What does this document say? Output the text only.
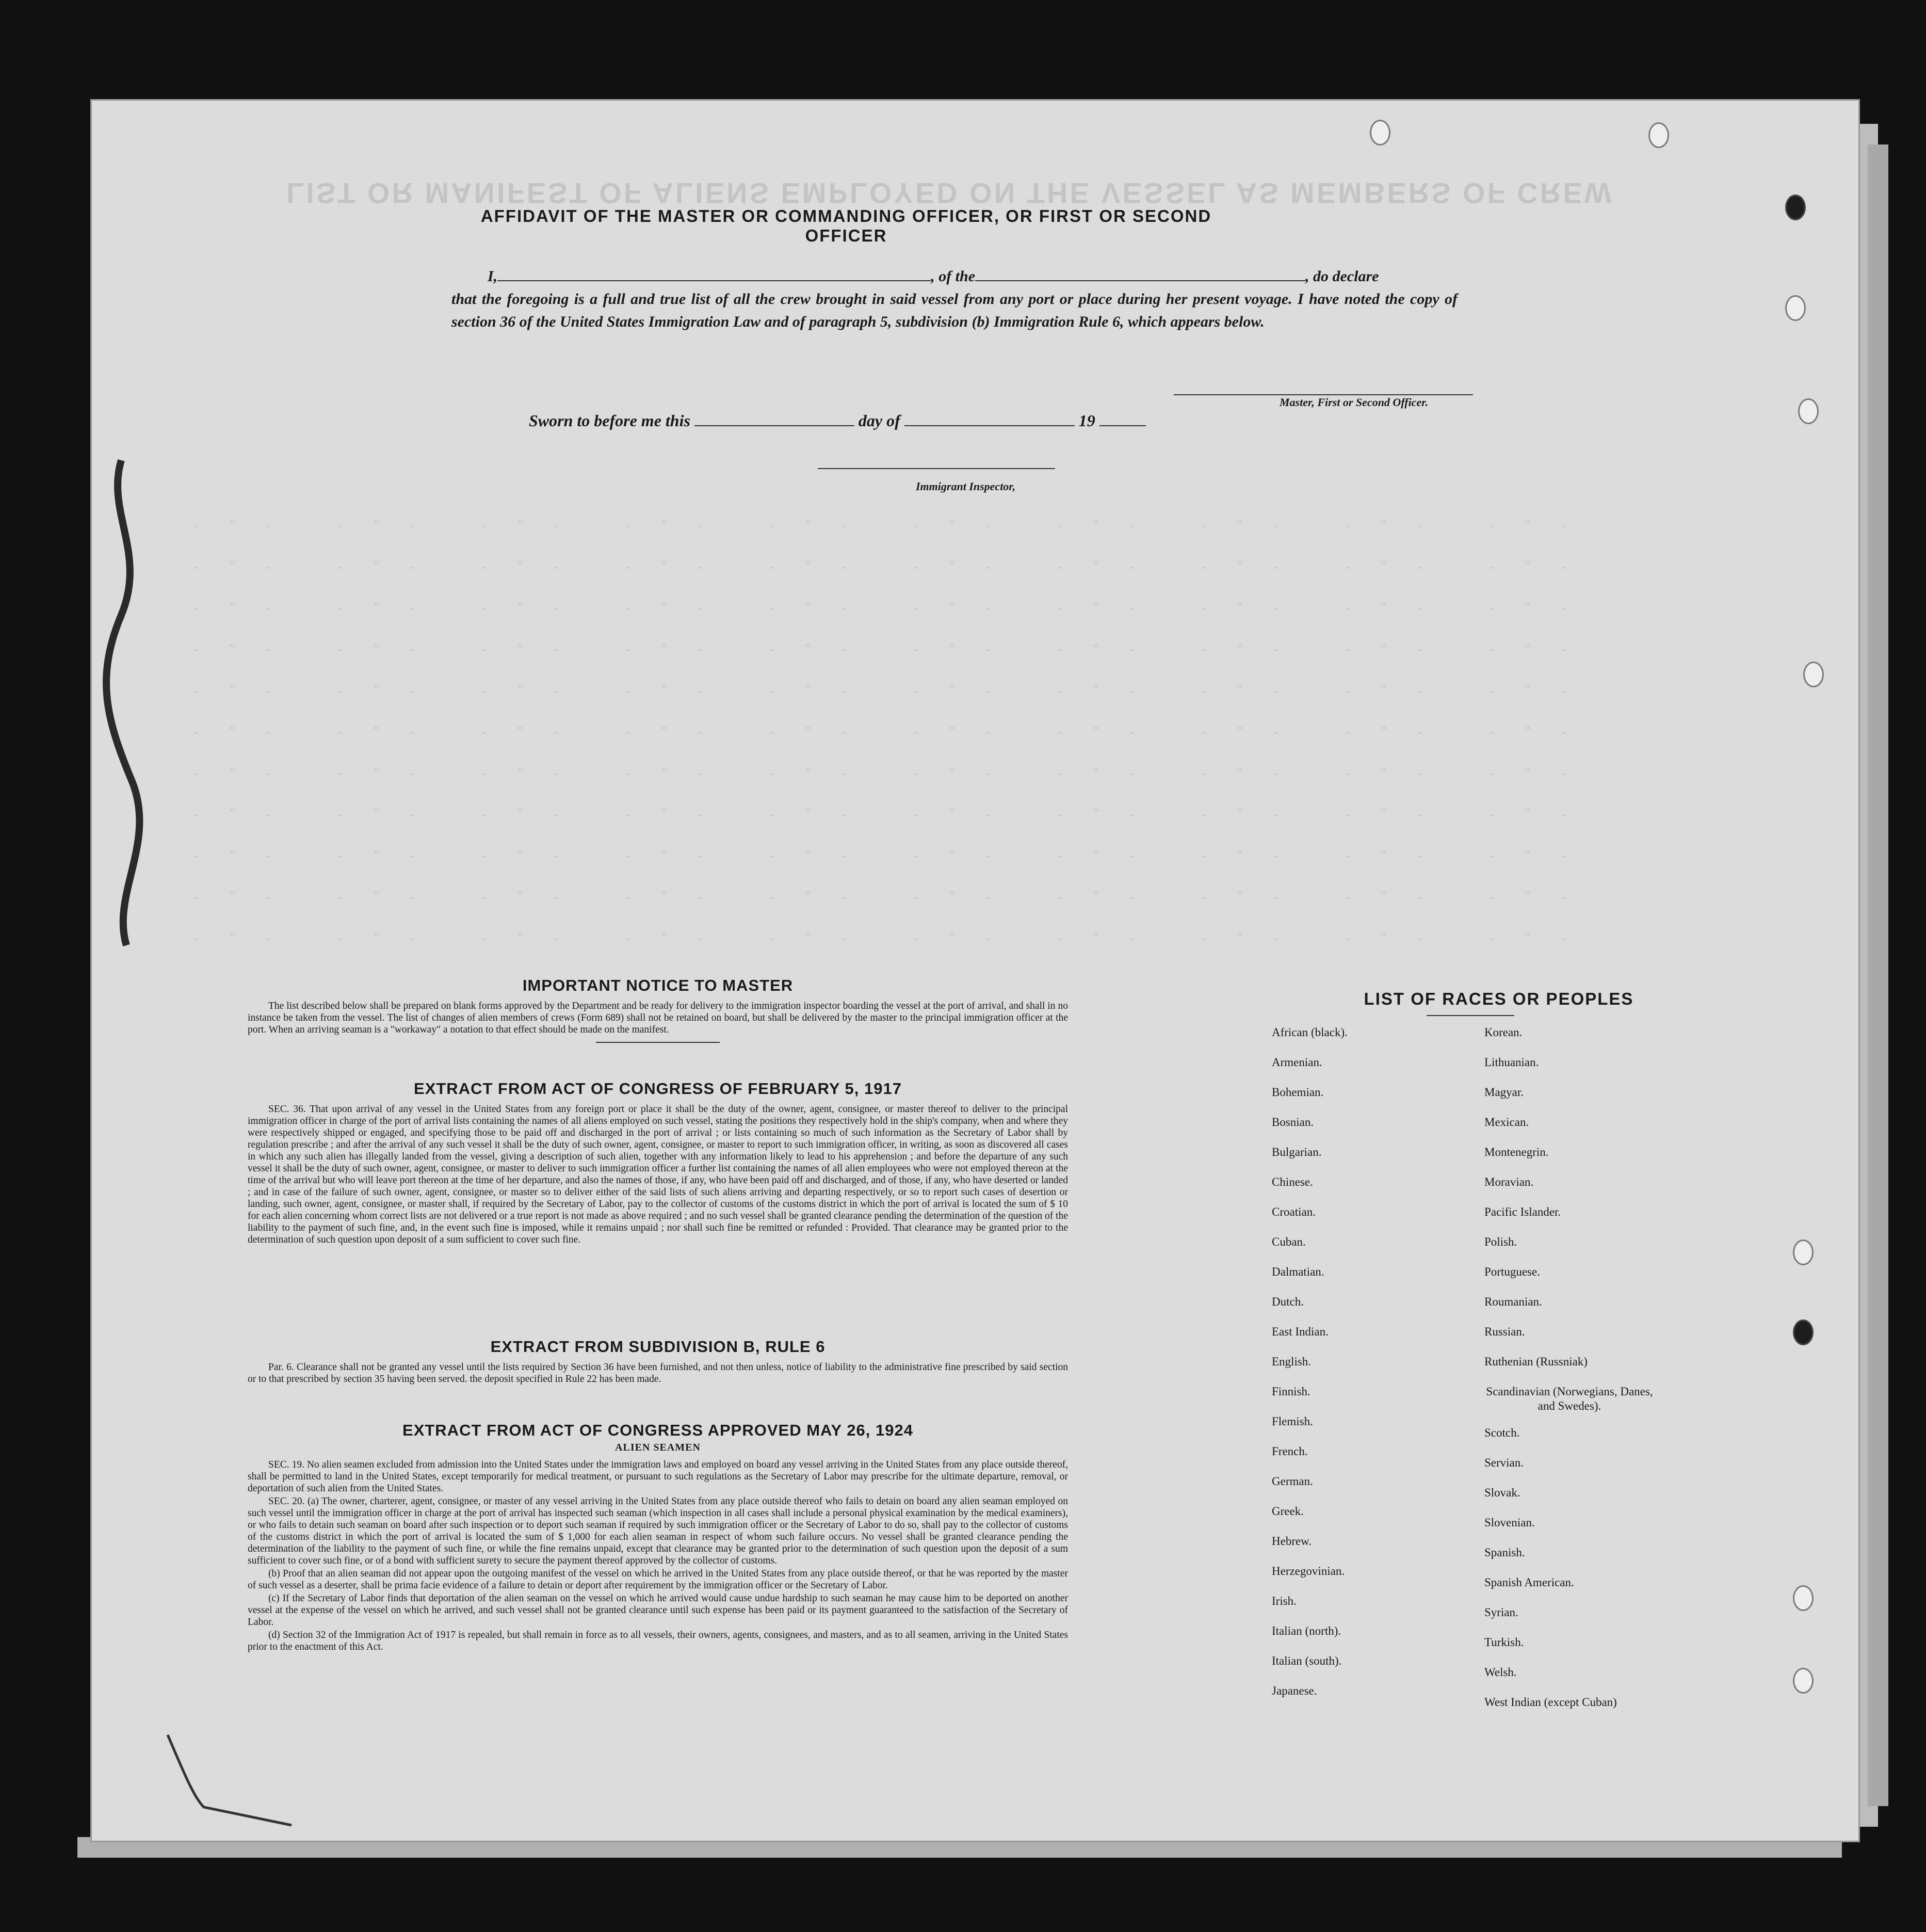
LIST OR MANIFEST OF ALIENS EMPLOYED ON THE VESSEL AS MEMBERS OF CREW
-"- -"- -"- -"- -"- -"- -"- -"- -"- -"-
-"- -"- -"- -"- -"- -"- -"- -"- -"- -"-
-"- -"- -"- -"- -"- -"- -"- -"- -"- -"-
-"- -"- -"- -"- -"- -"- -"- -"- -"- -"-
-"- -"- -"- -"- -"- -"- -"- -"- -"- -"-
-"- -"- -"- -"- -"- -"- -"- -"- -"- -"-
-"- -"- -"- -"- -"- -"- -"- -"- -"- -"-
-"- -"- -"- -"- -"- -"- -"- -"- -"- -"-
-"- -"- -"- -"- -"- -"- -"- -"- -"- -"-
-"- -"- -"- -"- -"- -"- -"- -"- -"- -"-
-"- -"- -"- -"- -"- -"- -"- -"- -"- -"-
AFFIDAVIT OF THE MASTER OR COMMANDING OFFICER, OR FIRST OR SECOND OFFICER
I,	, of the	, do declare
that the foregoing is a full and true list of all the crew brought in said vessel from any port or place during her present voyage. I have noted the copy of section 36 of the United States Immigration Law and of paragraph 5, subdivision (b) Immigration Rule 6, which appears below.
Master, First or Second Officer.
Sworn to before me this	day of	19
Immigrant Inspector,
IMPORTANT NOTICE TO MASTER

The list described below shall be prepared on blank forms approved by the Department and be ready for delivery to the immigration inspector boarding the vessel at the port of arrival, and shall in no instance be taken from the vessel. The list of changes of alien members of crews (Form 689) shall not be retained on board, but shall be delivered by the master to the principal immigration officer at the port. When an arriving seaman is a "workaway" a notation to that effect should be made on the manifest.

EXTRACT FROM ACT OF CONGRESS OF FEBRUARY 5, 1917

SEC. 36. That upon arrival of any vessel in the United States from any foreign port or place it shall be the duty of the owner, agent, consignee, or master thereof to deliver to the principal immigration officer in charge of the port of arrival lists containing the names of all aliens employed on such vessel, stating the positions they respectively hold in the ship's company, when and where they were respectively shipped or engaged, and specifying those to be paid off and discharged in the port of arrival ; or lists containing so much of such information as the Secretary of Labor shall by regulation prescribe ; and after the arrival of any such vessel it shall be the duty of such owner, agent, consignee, or master to report to such immigration officer, in writing, as soon as discovered all cases in which any such alien has illegally landed from the vessel, giving a description of such alien, together with any information likely to lead to his apprehension ; and before the departure of any such vessel it shall be the duty of such owner, agent, consignee, or master to deliver to such immigration officer a further list containing the names of all alien employees who were not employed thereon at the time of the arrival but who will leave port thereon at the time of her departure, and also the names of those, if any, who have been paid off and discharged, and of those, if any, who have deserted or landed ; and in case of the failure of such owner, agent, consignee, or master so to deliver either of the said lists of such aliens arriving and departing respectively, or so to report such cases of desertion or landing, such owner, agent, consignee, or master shall, if required by the Secretary of Labor, pay to the collector of customs of the customs district in which the port of arrival is located the sum of $ 10 for each alien concerning whom correct lists are not delivered or a true report is not made as above required ; and no such vessel shall be granted clearance pending the determination of the question of the liability to the payment of such fine, and, in the event such fine is imposed, while it remains unpaid ; nor shall such fine be remitted or refunded : Provided. That clearance may be granted prior to the determination of such question upon deposit of a sum sufficient to cover such fine.

EXTRACT FROM SUBDIVISION B, RULE 6

Par. 6. Clearance shall not be granted any vessel until the lists required by Section 36 have been furnished, and not then unless, notice of liability to the administrative fine prescribed by said section or to that prescribed by section 35 having been served. the deposit specified in Rule 22 has been made.

EXTRACT FROM ACT OF CONGRESS APPROVED MAY 26, 1924
ALIEN SEAMEN

SEC. 19. No alien seamen excluded from admission into the United States under the immigration laws and employed on board any vessel arriving in the United States from any place outside thereof, shall be permitted to land in the United States, except temporarily for medical treatment, or pursuant to such regulations as the Secretary of Labor may prescribe for the ultimate departure, removal, or deportation of such alien from the United States.

SEC. 20. (a) The owner, charterer, agent, consignee, or master of any vessel arriving in the United States from any place outside thereof who fails to detain on board any alien seaman employed on such vessel until the immigration officer in charge at the port of arrival has inspected such seaman (which inspection in all cases shall include a personal physical examination by the medical examiners), or who fails to detain such seaman on board after such inspection or to deport such seaman if required by such immigration officer or the Secretary of Labor to do so, shall pay to the collector of customs of the customs district in which the port of arrival is located the sum of $ 1,000 for each alien seaman in respect of whom such failure occurs. No vessel shall be granted clearance pending the determination of the liability to the payment of such fine, or while the fine remains unpaid, except that clearance may be granted prior to the determination of such question upon the deposit of a sum sufficient to cover such fine, or of a bond with sufficient surety to secure the payment thereof approved by the collector of customs.

(b) Proof that an alien seaman did not appear upon the outgoing manifest of the vessel on which he arrived in the United States from any place outside thereof, or that he was reported by the master of such vessel as a deserter, shall be prima facie evidence of a failure to detain or deport after requirement by the immigration officer or the Secretary of Labor.

(c) If the Secretary of Labor finds that deportation of the alien seaman on the vessel on which he arrived would cause undue hardship to such seaman he may cause him to be deported on another vessel at the expense of the vessel on which he arrived, and such vessel shall not be granted clearance until such expense has been paid or its payment guaranteed to the satisfaction of the Secretary of Labor.

(d) Section 32 of the Immigration Act of 1917 is repealed, but shall remain in force as to all vessels, their owners, agents, consignees, and masters, and as to all seamen, arriving in the United States prior to the enactment of this Act.

LIST OF RACES OR PEOPLES
African (black).
Armenian.
Bohemian.
Bosnian.
Bulgarian.
Chinese.
Croatian.
Cuban.
Dalmatian.
Dutch.
East Indian.
English.
Finnish.
Flemish.
French.
German.
Greek.
Hebrew.
Herzegovinian.
Irish.
Italian (north).
Italian (south).
Japanese.
Korean.
Lithuanian.
Magyar.
Mexican.
Montenegrin.
Moravian.
Pacific Islander.
Polish.
Portuguese.
Roumanian.
Russian.
Ruthenian (Russniak)
Scandinavian (Norwegians, Danes, and Swedes).
Scotch.
Servian.
Slovak.
Slovenian.
Spanish.
Spanish American.
Syrian.
Turkish.
Welsh.
West Indian (except Cuban)
